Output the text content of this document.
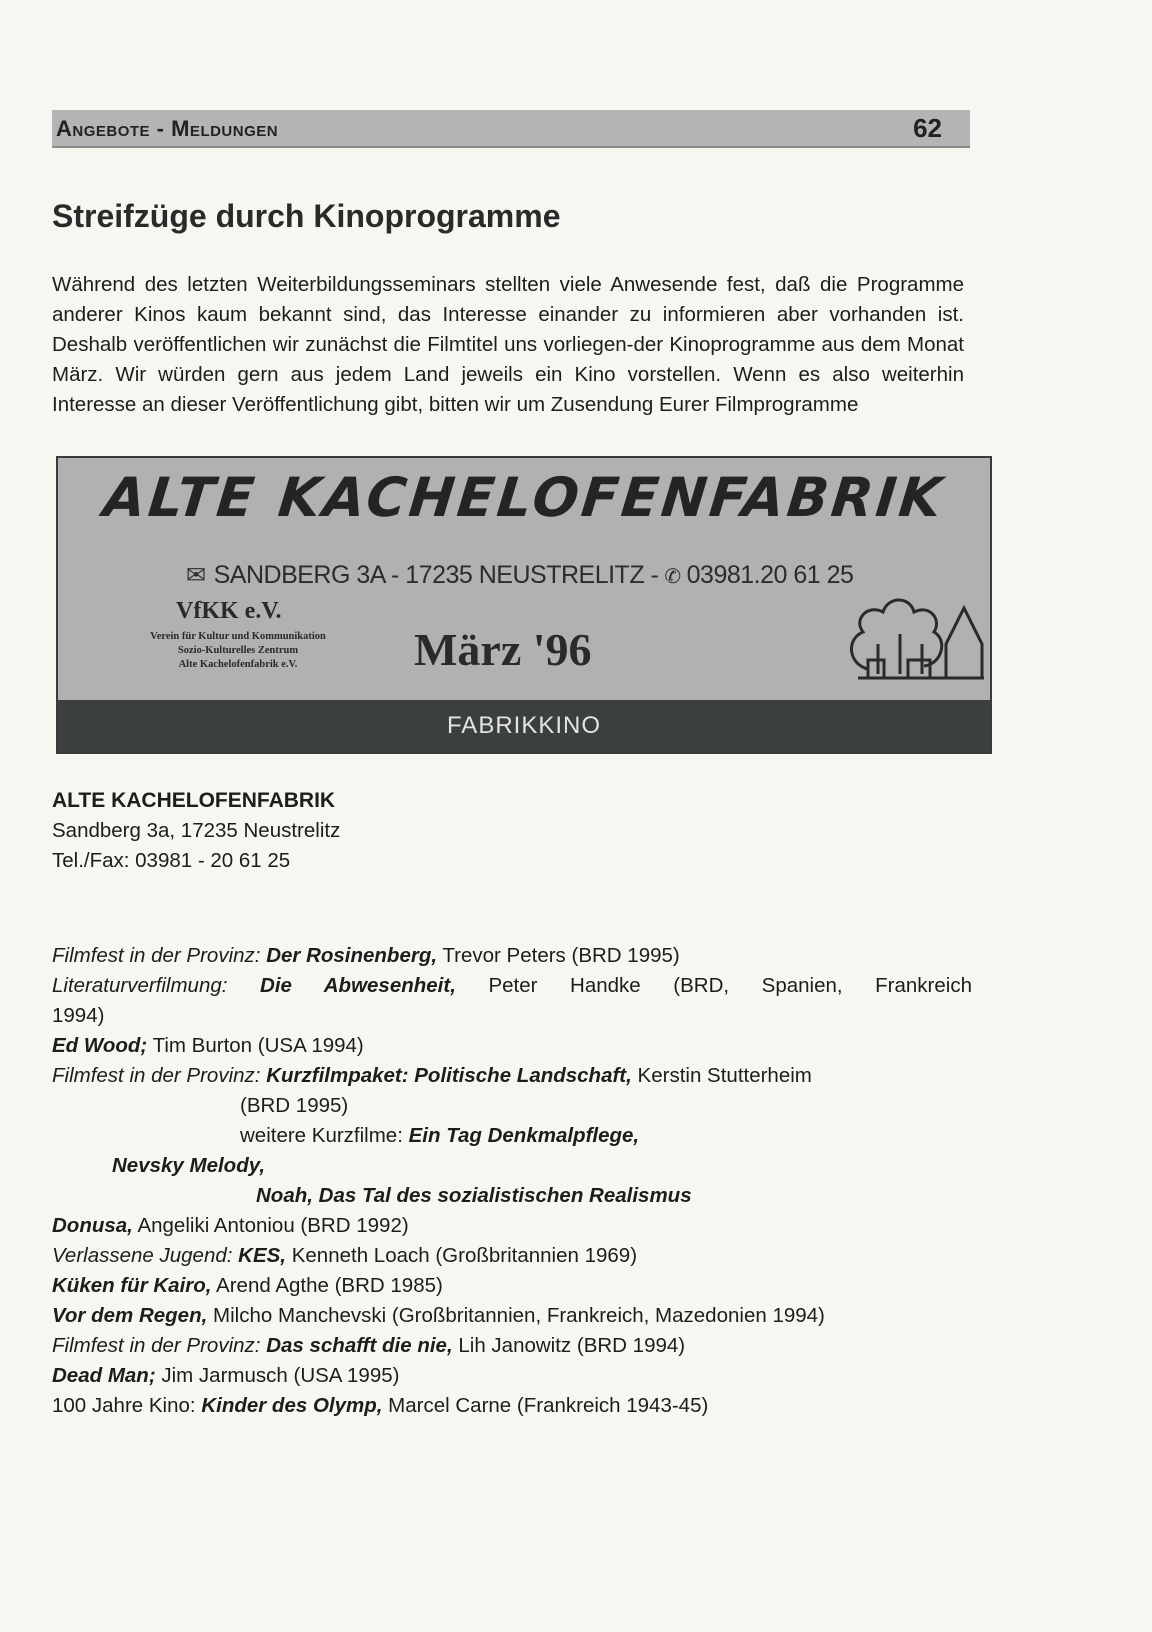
Angebote - Meldungen	62
Streifzüge durch Kinoprogramme

Während des letzten Weiterbildungsseminars stellten viele Anwesende fest, daß die Programme anderer Kinos kaum bekannt sind, das Interesse einander zu informieren aber vorhanden ist. Deshalb veröffentlichen wir zunächst die Filmtitel uns vorliegen-der Kinoprogramme aus dem Monat März. Wir würden gern aus jedem Land jeweils ein Kino vorstellen. Wenn es also weiterhin Interesse an dieser Veröffentlichung gibt, bitten wir um Zusendung Eurer Filmprogramme

ALTE KACHELOFENFABRIK
✉ SANDBERG 3A - 17235 NEUSTRELITZ - ✆ 03981.20 61 25
VfKK e.V.
Verein für Kultur und Kommunikation
Sozio-Kulturelles Zentrum
Alte Kachelofenfabrik e.V.	März '96
FABRIKKINO

ALTE KACHELOFENFABRIK
Sandberg 3a, 17235 Neustrelitz
Tel./Fax: 03981 - 20 61 25

Filmfest in der Provinz: Der Rosinenberg, Trevor Peters (BRD 1995)
Literaturverfilmung: Die Abwesenheit, Peter Handke (BRD, Spanien, Frankreich
1994)
Ed Wood; Tim Burton (USA 1994)
Filmfest in der Provinz: Kurzfilmpaket: Politische Landschaft, Kerstin Stutterheim
(BRD 1995)
weitere Kurzfilme: Ein Tag Denkmalpflege,
Nevsky Melody,
Noah, Das Tal des sozialistischen Realismus
Donusa, Angeliki Antoniou (BRD 1992)
Verlassene Jugend: KES, Kenneth Loach (Großbritannien 1969)
Küken für Kairo, Arend Agthe (BRD 1985)
Vor dem Regen, Milcho Manchevski (Großbritannien, Frankreich, Mazedonien 1994)
Filmfest in der Provinz: Das schafft die nie, Lih Janowitz (BRD 1994)
Dead Man; Jim Jarmusch (USA 1995)
100 Jahre Kino: Kinder des Olymp, Marcel Carne (Frankreich 1943-45)
